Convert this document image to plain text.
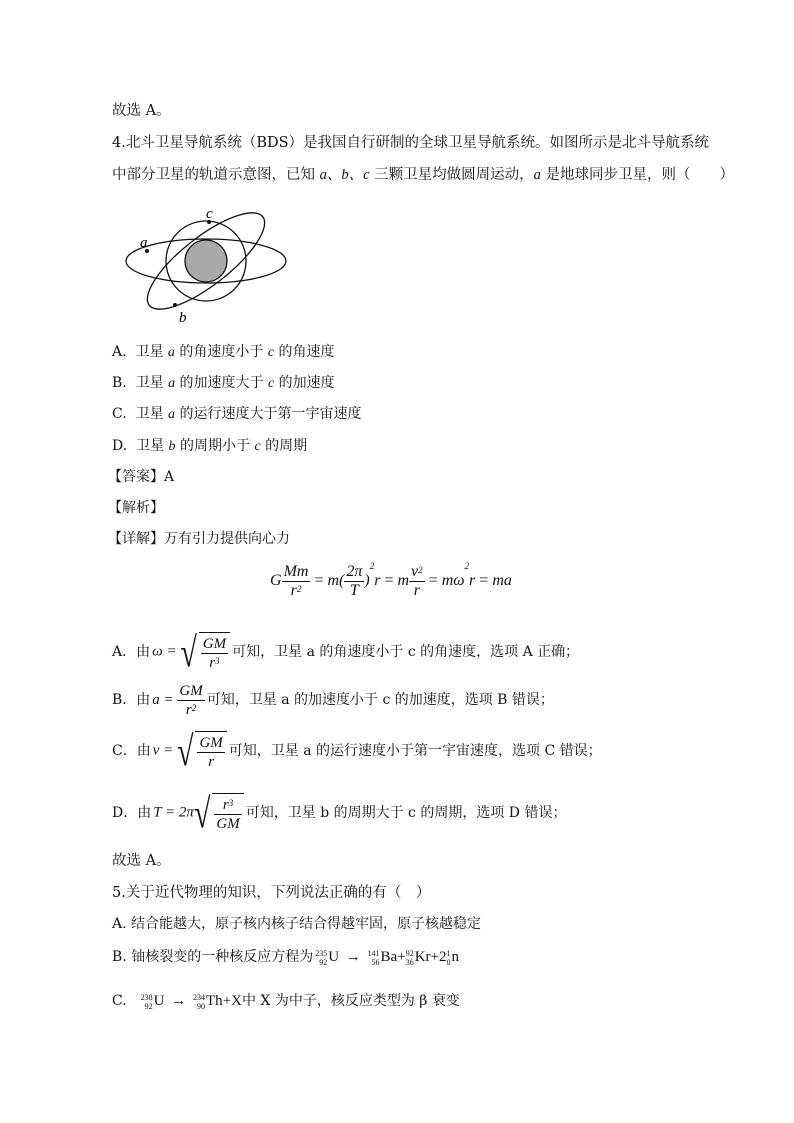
故选 A。
4.北斗卫星导航系统（BDS）是我国自行研制的全球卫星导航系统。如图所示是北斗导航系统
中部分卫星的轨道示意图，已知 a、b、c 三颗卫星均做圆周运动，a 是地球同步卫星，则（　　）
a
c
b
A. 卫星 a 的角速度小于 c 的角速度
B. 卫星 a 的加速度大于 c 的加速度
C. 卫星 a 的运行速度大于第一宇宙速度
D. 卫星 b 的周期小于 c 的周期
【答案】A
【解析】
【详解】万有引力提供向心力
G $\frac{Mm}{r^2} = m( \frac{2\pi}{T} )^2r = m \frac{v^2}{r} = m\omega^2r$ = ma
A．由 ω = √ $\frac{GM}{r^3}$ 可知，卫星 a 的角速度小于 c 的角速度，选项 A 正确；
B．由 $a = \frac{GM}{r^2}$ 可知，卫星 a 的加速度小于 c 的加速度，选项 B 错误；
C．由 v = √ $\frac{GM}{r}$ 可知，卫星 a 的运行速度小于第一宇宙速度，选项 C 错误；
D．由 $T = 2\pi√ \frac{r^3}{GM}$ 可知，卫星 b 的周期大于 c 的周期，选项 D 错误；
故选 A。
5.关于近代物理的知识，下列说法正确的有（　）
A. 结合能越大，原子核内核子结合得越牢固，原子核越稳定
B. 铀核裂变的一种核反应方程为 235
92 U → 141
56 Ba+ 92
36 Kr+2 1
0 n
C. 238
92 U → 234
90 Th+X 中 X 为中子，核反应类型为 β 衰变
